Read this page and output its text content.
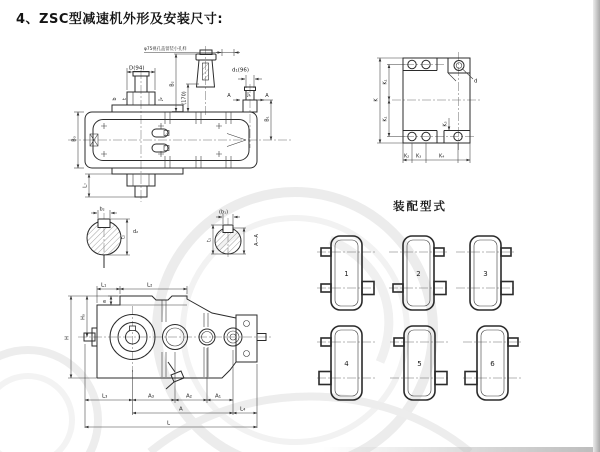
4、ZSC型减速机外形及安装尺寸:
φ75视孔盖留装小孔样
D(94)
b t	J₂
B₂
(170)
d₁(96)
A	A
J₁
B₁
B₃
L₇
d
K
K₁
K₁
K₂ K₃	K₄
K₅
b₂
t₂
d₂
(b₁)
t₁	A—A
装配型式
1	2	3
4	5	6
L₁	L₂
e
H
H₀
L₃	A₃	A₂	A₁
A	L₄
L
